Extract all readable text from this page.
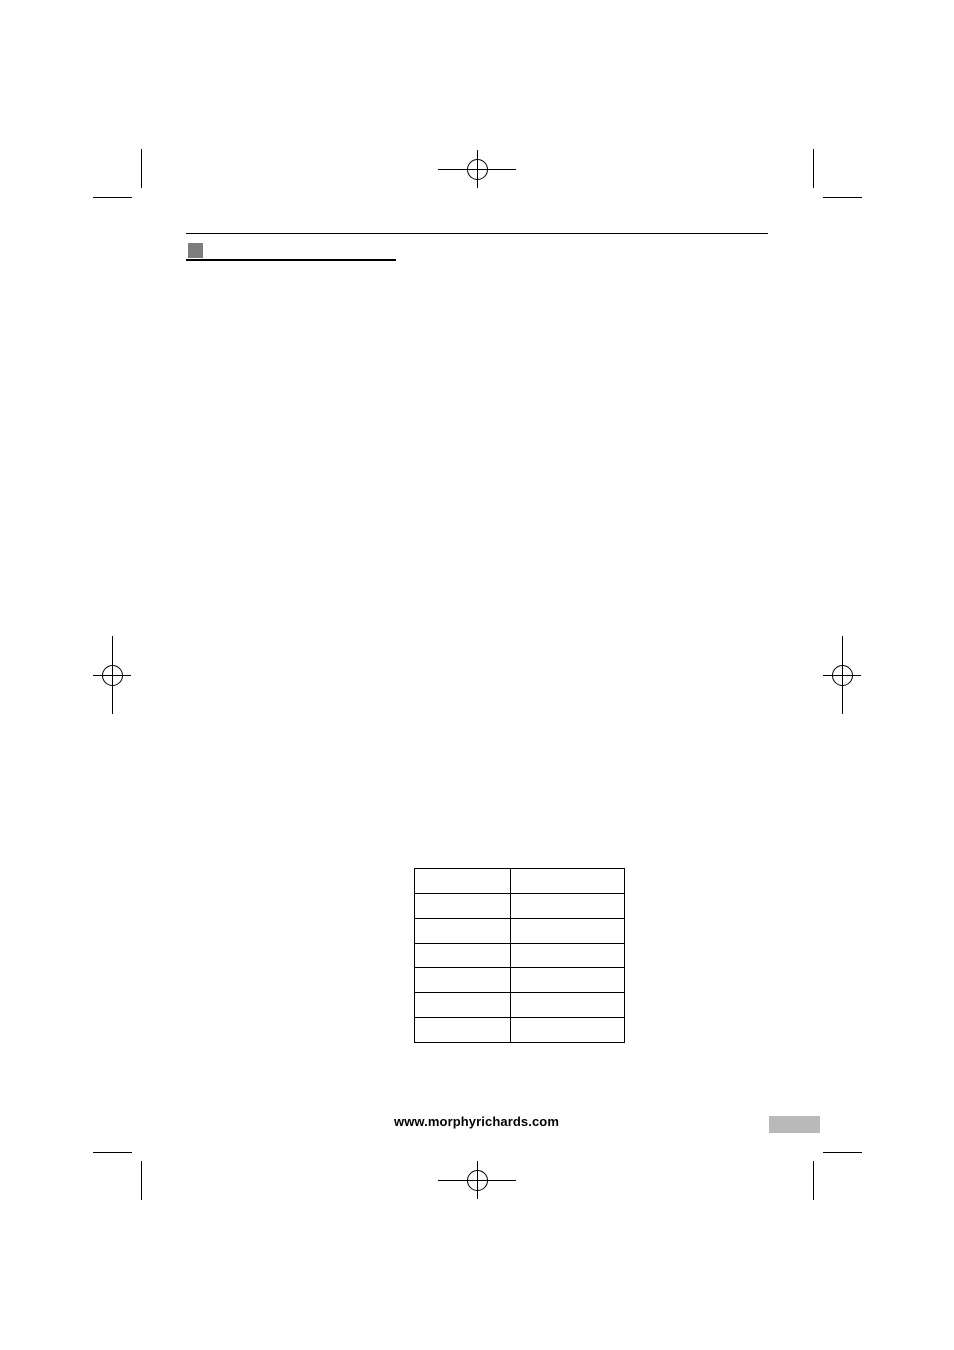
www.morphyrichards.com
